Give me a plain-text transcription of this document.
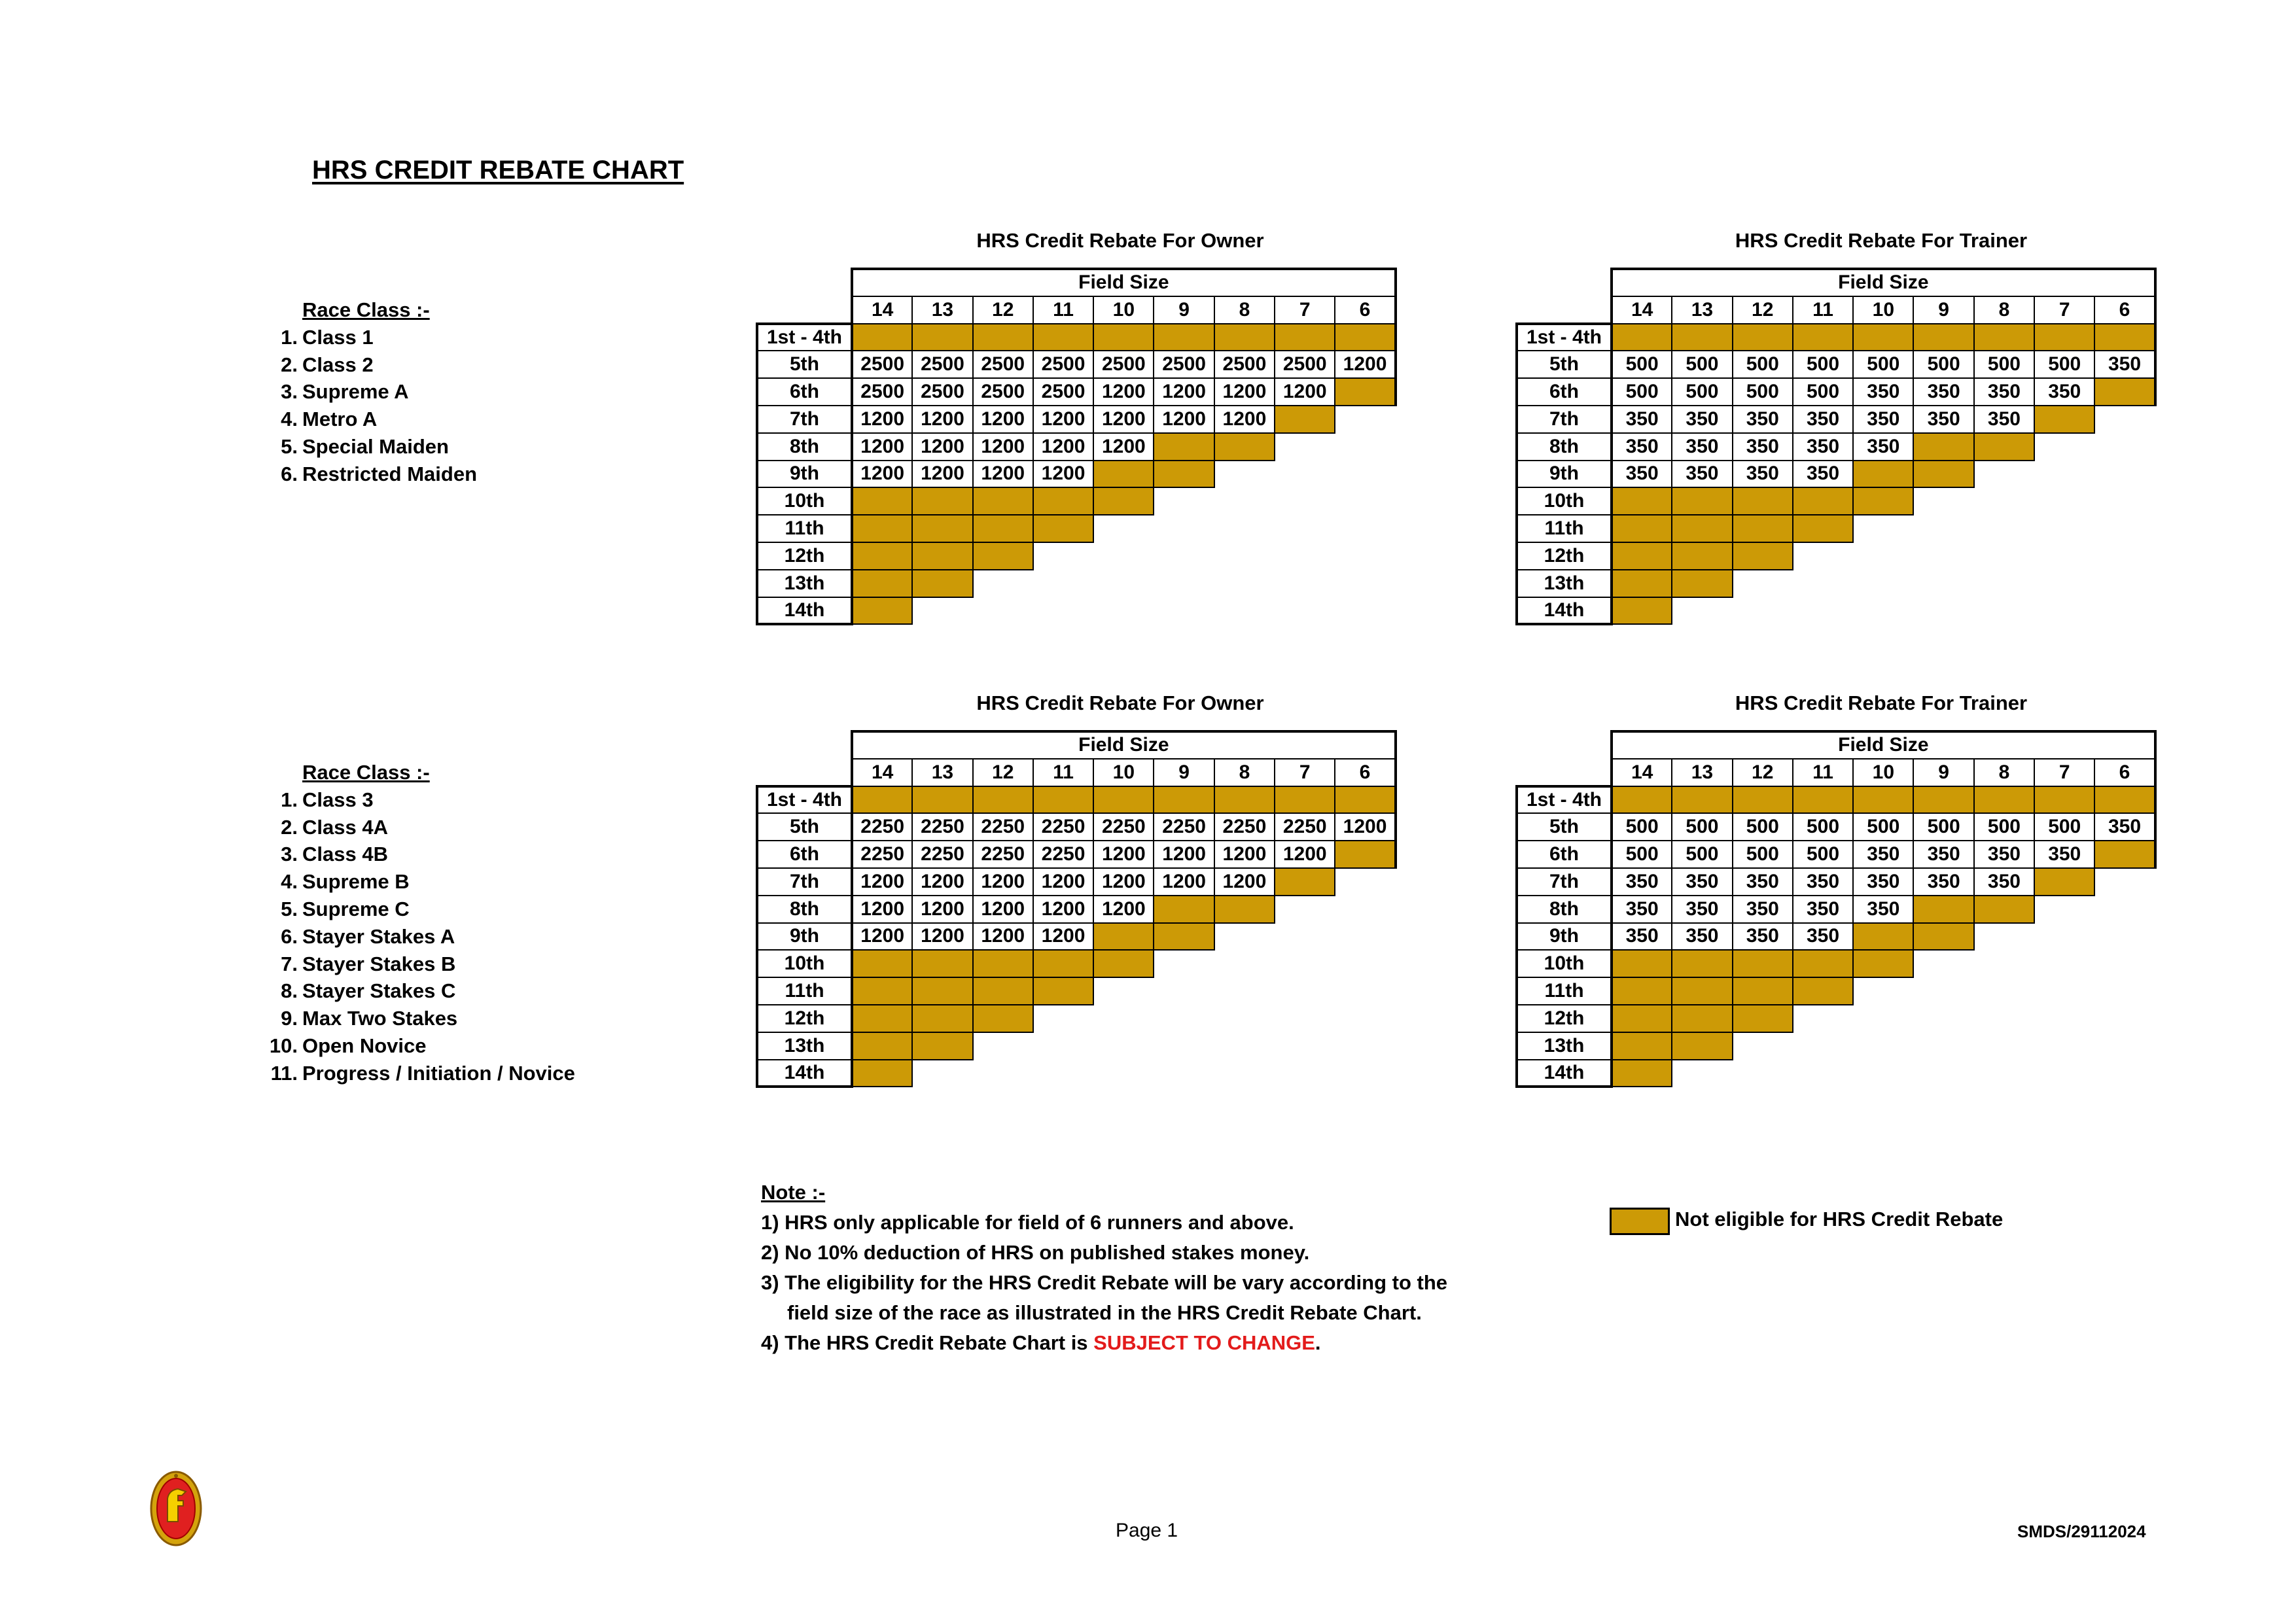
HRS CREDIT REBATE CHART
HRS Credit Rebate For Owner	HRS Credit Rebate For Trainer
Race Class :-
1. Class 1
2. Class 2
3. Supreme A
4. Metro A
5. Special Maiden
6. Restricted Maiden
	Field Size								
	14	13	12	11	10	9	8	7	6
1st - 4th									
5th	2500	2500	2500	2500	2500	2500	2500	2500	1200
6th	2500	2500	2500	2500	1200	1200	1200	1200	
7th	1200	1200	1200	1200	1200	1200	1200		
8th	1200	1200	1200	1200	1200				
9th	1200	1200	1200	1200					
10th									
11th									
12th									
13th									
14th									
	Field Size								
	14	13	12	11	10	9	8	7	6
1st - 4th									
5th	500	500	500	500	500	500	500	500	350
6th	500	500	500	500	350	350	350	350	
7th	350	350	350	350	350	350	350		
8th	350	350	350	350	350				
9th	350	350	350	350					
10th									
11th									
12th									
13th									
14th									
HRS Credit Rebate For Owner	HRS Credit Rebate For Trainer
Race Class :-
1. Class 3
2. Class 4A
3. Class 4B
4. Supreme B
5. Supreme C
6. Stayer Stakes A
7. Stayer Stakes B
8. Stayer Stakes C
9. Max Two Stakes
10. Open Novice
11. Progress / Initiation / Novice
	Field Size								
	14	13	12	11	10	9	8	7	6
1st - 4th									
5th	2250	2250	2250	2250	2250	2250	2250	2250	1200
6th	2250	2250	2250	2250	1200	1200	1200	1200	
7th	1200	1200	1200	1200	1200	1200	1200		
8th	1200	1200	1200	1200	1200				
9th	1200	1200	1200	1200					
10th									
11th									
12th									
13th									
14th									
	Field Size								
	14	13	12	11	10	9	8	7	6
1st - 4th									
5th	500	500	500	500	500	500	500	500	350
6th	500	500	500	500	350	350	350	350	
7th	350	350	350	350	350	350	350		
8th	350	350	350	350	350				
9th	350	350	350	350					
10th									
11th									
12th									
13th									
14th									
Note :-
1) HRS only applicable for field of 6 runners and above.
2) No 10% deduction of HRS on published stakes money.
3) The eligibility for the HRS Credit Rebate will be vary according to the
field size of the race as illustrated in the HRS Credit Rebate Chart.
4) The HRS Credit Rebate Chart is SUBJECT TO CHANGE.
Not eligible for HRS Credit Rebate
Page 1	SMDS/29112024
